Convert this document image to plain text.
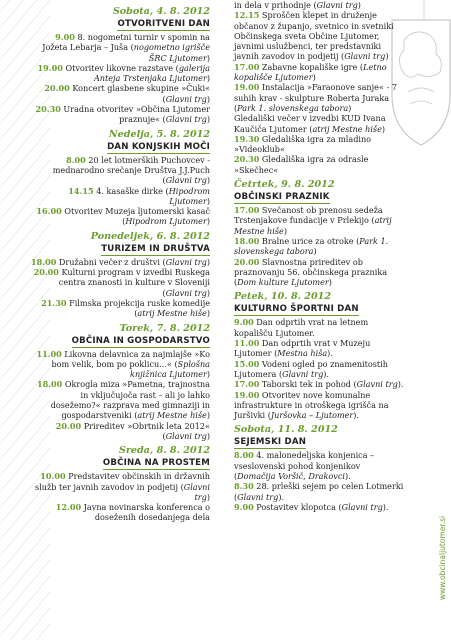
Sobota, 4. 8. 2012
OTVORITVENI DAN

9.00 8. nogometni turnir v spomin na Jožeta Lebarja – Jušа (nogometno igrišče ŠRC Ljutomer)

19.00 Otvoritev likovne razstave (galerija Anteja Trstenjaka Ljutomer)

20.00 Koncert glasbene skupine »Čuki« (Glavni trg)

20.30 Uradna otvoritev »Občina Ljutomer praznuje« (Glavni trg)

Nedelja, 5. 8. 2012
DAN KONJSKIH MOČI

8.00 20 let lotmerških Puchovcev - mednarodno srečanje Društva J.J.Puch (Glavni trg)

14.15 4. kasaške dirke (Hipodrom Ljutomer)

16.00 Otvoritev Muzeja ljutomerski kasač (Hipodrom Ljutomer)

Ponedeljek, 6. 8. 2012
TURIZEM IN DRUŠTVA

18.00 Družabni večer z društvi (Glavni trg)

20.00 Kulturni program v izvedbi Ruskega centra znanosti in kulture v Sloveniji (Glavni trg)

21.30 Filmska projekcija ruske komedije (atrij Mestne hiše)

Torek, 7. 8. 2012
OBČINA IN GOSPODARSTVO

11.00 Likovna delavnica za najmlajše »Ko bom velik, bom po poklicu...« (Splošna knjižnica Ljutomer)

18.00 Okrogla miza »Pametna, trajnostna in vključujoča rast – ali jo lahko dosežemo?« razprava med gimnaziji in gospodarstveniki (atrij Mestne hiše)

20.00 Prireditev »Obrtnik leta 2012« (Glavni trg)

Sreda, 8. 8. 2012
OBČINA NA PROSTEM

10.00 Predstavitev občinskih in državnih služb ter javnih zavodov in podjetij (Glavni trg)

12.00 Javna novinarska konferenca o doseženih dosedanjega dela

in dela v prihodnje (Glavni trg)

12.15 Sproščen klepet in druženje občanov z županjo, svetnico in svetniki Občinskega sveta Občine Ljutomer, javnimi uslužbenci, ter predstavniki javnih zavodov in podjetij (Glavni trg)

17.00 Zabavne kopališke igre (Letno kopališče Ljutomer)

19.00 Instalacija »Faraonove sanje« - 7 suhih krav - skulpture Roberta Juraka (Park 1. slovenskega tabora)

Gledališki večer v izvedbi KUD Ivana Kaučiča Ljutomer (atrij Mestne hiše)

19.30 Gledališka igra za mladino »Videoklub«

20.30 Gledališka igra za odrasle »Skečhec«

Četrtek, 9. 8. 2012
OBČINSKI PRAZNIK

17.00 Svečanost ob prenosu sedeža Trstenjakove fundacije v Prlekijo (atrij Mestne hiše)

18.00 Bralne urice za otroke (Park 1. slovenskega tabora)

20.00 Slavnostna prireditev ob praznovanju 56. občinskega praznika (Dom kulture Ljutomer)

Petek, 10. 8. 2012
KULTURNO ŠPORTNI DAN

9.00 Dan odprtih vrat na letnem kopališču Ljutomer.

11.00 Dan odprtih vrat v Muzeju Ljutomer (Mestna hiša).

15.00 Vodeni ogled po znamenitostih Ljutomera (Glavni trg).

17.00 Taborski tek in pohod (Glavni trg).

19.00 Otvoritev nove komunalne infrastrukture in otroškega igrišča na Juršivki (Juršovka – Ljutomer).

Sobota, 11. 8. 2012
SEJEMSKI DAN

8.00 4. malonedeljska konjenica – vseslovenski pohod konjenikov (Domačija Voršič, Drakovci).

8.30 28. prleški sejem po celen Lotmerki (Glavni trg).

9.00 Postavitev klopotca (Glavni trg).

www.obcinaljutomer.si
